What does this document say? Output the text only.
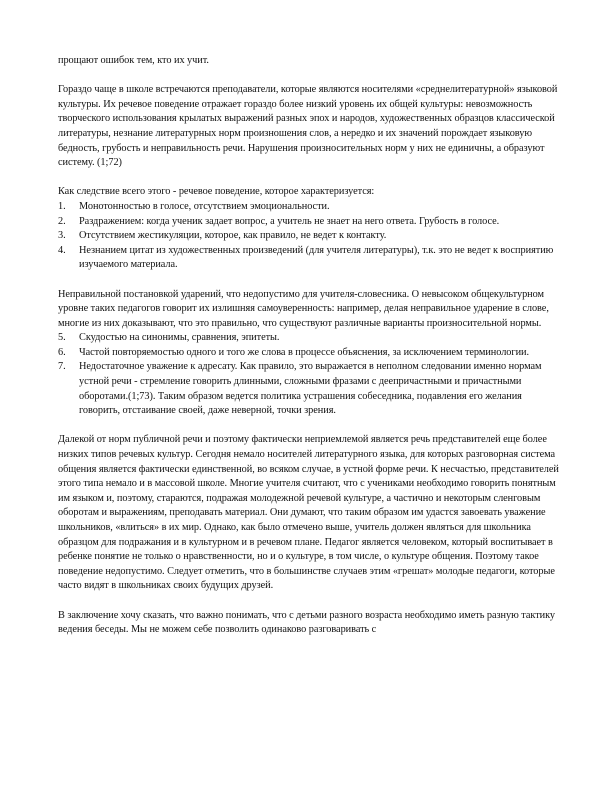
прощают ошибок тем, кто их учит.

Гораздо чаще в школе встречаются преподаватели, которые являются носителями «среднелитературной» языковой культуры. Их речевое поведение отражает гораздо более низкий уровень их общей культуры: невозможность творческого использования крылатых выражений разных эпох и народов, художественных образцов классической литературы, незнание литературных норм произношения слов, а нередко и их значений порождает языковую бедность, грубость и неправильность речи. Нарушения произносительных норм у них не единичны, а образуют систему. (1;72)

Как следствие всего этого - речевое поведение, которое характеризуется:

1.	Монотонностью в голосе, отсутствием эмоциональности.
2.	Раздражением: когда ученик задает вопрос, а учитель не знает на него ответа. Грубость в голосе.
3.	Отсутствием жестикуляции, которое, как правило, не ведет к контакту.
4.	Незнанием цитат из художественных произведений (для учителя литературы), т.к. это не ведет к восприятию изучаемого материала.

Неправильной постановкой ударений, что недопустимо для учителя-словесника. О невысоком общекультурном уровне таких педагогов говорит их излишняя самоуверенность: например, делая неправильное ударение в слове, многие из них доказывают, что это правильно, что существуют различные варианты произносительной нормы.

5.	Скудостью на синонимы, сравнения, эпитеты.
6.	Частой повторяемостью одного и того же слова в процессе объяснения, за исключением терминологии.
7.	Недостаточное уважение к адресату. Как правило, это выражается в неполном следовании именно нормам устной речи - стремление говорить длинными, сложными фразами с деепричастными и причастными оборотами.(1;73). Таким образом ведется политика устрашения собеседника, подавления его желания говорить, отстаивание своей, даже неверной, точки зрения.

Далекой от норм публичной речи и поэтому фактически неприемлемой является речь представителей еще более низких типов речевых культур. Сегодня немало носителей литературного языка, для которых разговорная система общения является фактически единственной, во всяком случае, в устной форме речи. К несчастью, представителей этого типа немало и в массовой школе. Многие учителя считают, что с учениками необходимо говорить понятным им языком и, поэтому, стараются, подражая молодежной речевой культуре, а частично и некоторым сленговым оборотам и выражениям, преподавать материал. Они думают, что таким образом им удастся завоевать уважение школьников, «влиться» в их мир. Однако, как было отмечено выше, учитель должен являться для школьника образцом для подражания и в культурном и в речевом плане. Педагог является человеком, который воспитывает в ребенке понятие не только о нравственности, но и о культуре, в том числе, о культуре общения. Поэтому такое поведение недопустимо. Следует отметить, что в большинстве случаев этим «грешат» молодые педагоги, которые часто видят в школьниках своих будущих друзей.

В заключение хочу сказать, что важно понимать, что с детьми разного возраста необходимо иметь разную тактику ведения беседы. Мы не можем себе позволить одинаково разговаривать с
